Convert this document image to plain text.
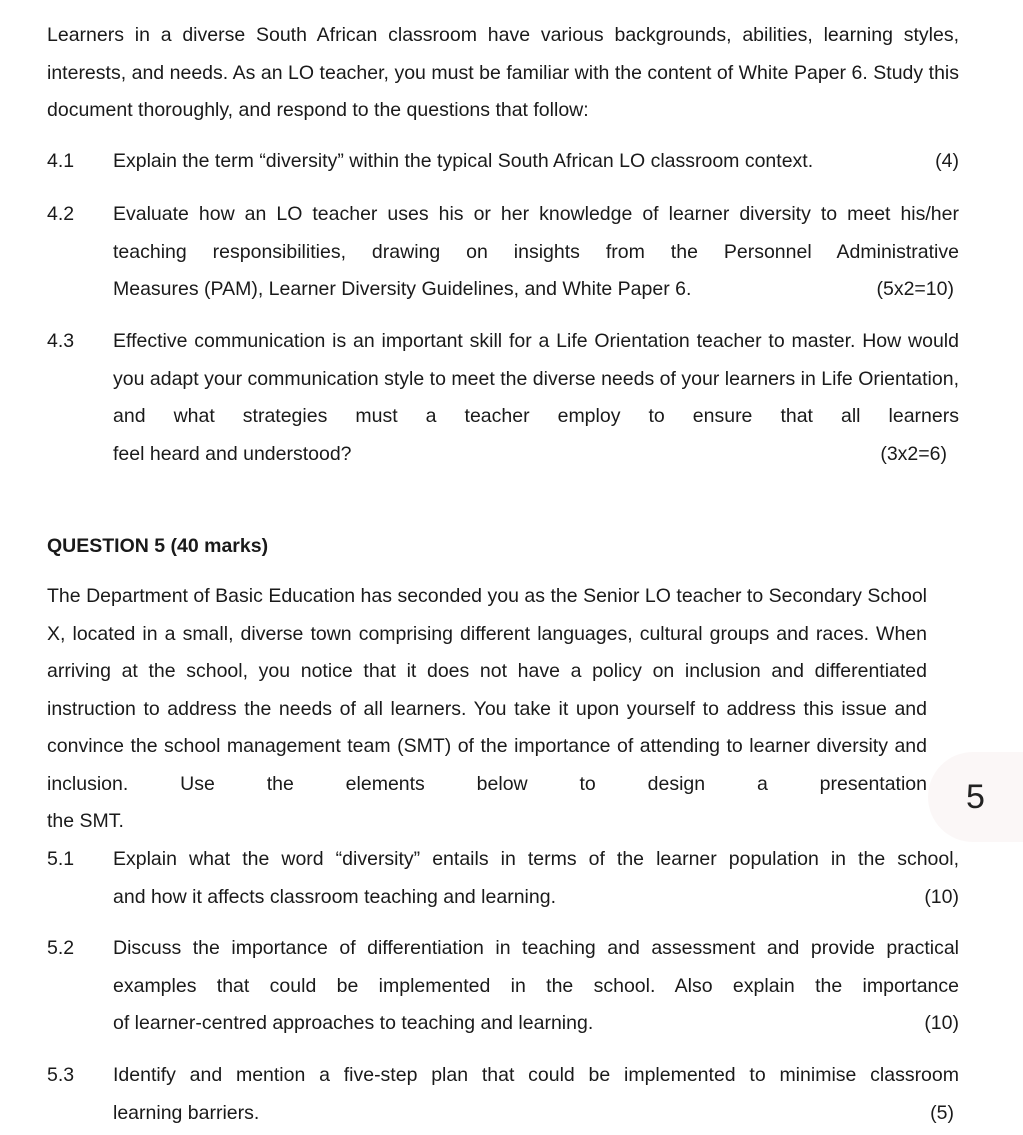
Learners in a diverse South African classroom have various backgrounds, abilities, learning styles, interests, and needs. As an LO teacher, you must be familiar with the content of White Paper 6. Study this document thoroughly, and respond to the questions that follow:
4.1	Explain the term “diversity” within the typical South African LO classroom context.	(4)
4.2	Evaluate how an LO teacher uses his or her knowledge of learner diversity to meet his/her teaching responsibilities, drawing on insights from the Personnel Administrative
Measures (PAM), Learner Diversity Guidelines, and White Paper 6.	(5x2=10)
4.3	Effective communication is an important skill for a Life Orientation teacher to master. How would you adapt your communication style to meet the diverse needs of your learners in Life Orientation, and what strategies must a teacher employ to ensure that all learners
feel heard and understood?	(3x2=6)
QUESTION 5 (40 marks)
The Department of Basic Education has seconded you as the Senior LO teacher to Secondary School X, located in a small, diverse town comprising different languages, cultural groups and races. When arriving at the school, you notice that it does not have a policy on inclusion and differentiated instruction to address the needs of all learners. You take it upon yourself to address this issue and convince the school management team (SMT) of the importance of attending to learner diversity and inclusion. Use the elements below to design a presentation
the SMT.
5.1	Explain what the word “diversity” entails in terms of the learner population in the school,
and how it affects classroom teaching and learning.	(10)
5.2	Discuss the importance of differentiation in teaching and assessment and provide practical examples that could be implemented in the school. Also explain the importance
of learner-centred approaches to teaching and learning.	(10)
5.3	Identify and mention a five-step plan that could be implemented to minimise classroom
learning barriers.	(5)
5
